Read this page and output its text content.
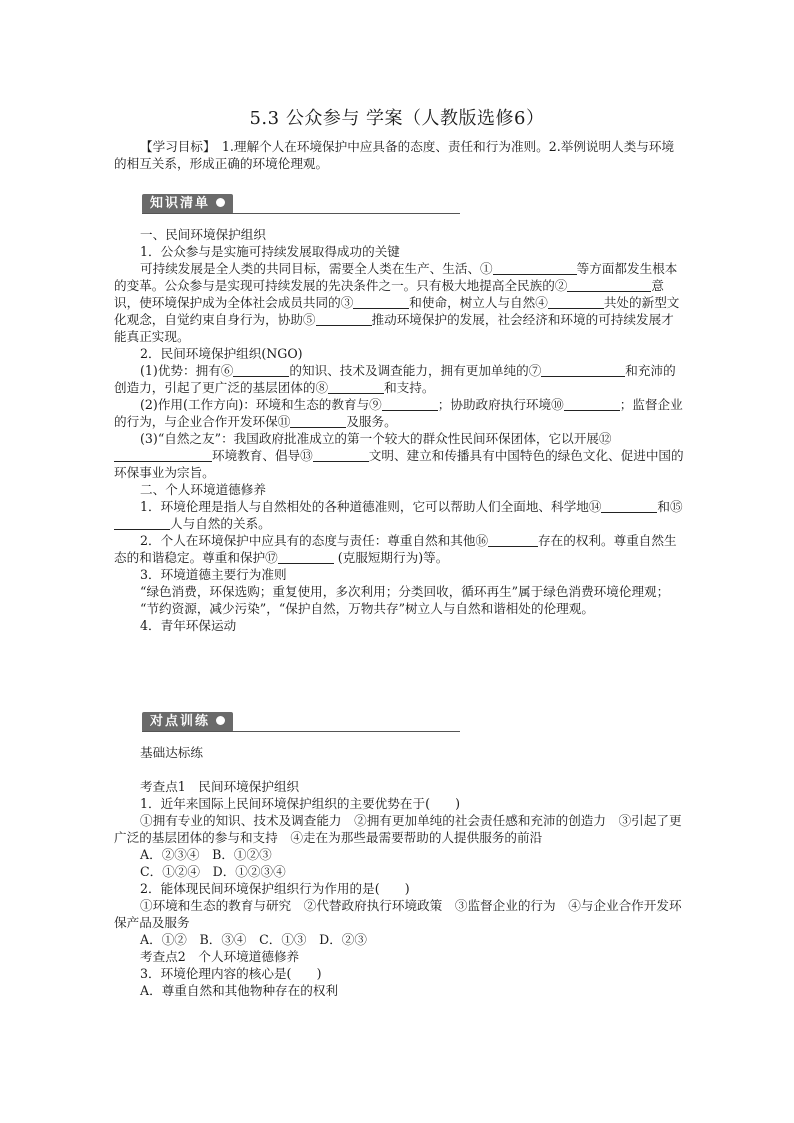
5.3 公众参与 学案（人教版选修6）

【学习目标】　 1.理解个人在环境保护中应具备的态度、责任和行为准则。2.举例说明人类与环境的相互关系，形成正确的环境伦理观。

知识清单

一、民间环境保护组织

1．公众参与是实施可持续发展取得成功的关键

可持续发展是全人类的共同目标，需要全人类在生产、生活、①	等方面都发生根本的变革。公众参与是实现可持续发展的先决条件之一。只有极大地提高全民族的②	意识，使环境保护成为全体社会成员共同的③	和使命，树立人与自然④	共处的新型文化观念，自觉约束自身行为，协助⑤	推动环境保护的发展，社会经济和环境的可持续发展才能真正实现。

2．民间环境保护组织(NGO)

(1)优势：拥有⑥	的知识、技术及调查能力，拥有更加单纯的⑦	和充沛的创造力，引起了更广泛的基层团体的⑧	和支持。

(2)作用(工作方向)：环境和生态的教育与⑨	；协助政府执行环境⑩	；监督企业的行为，与企业合作开发环保⑪	及服务。

(3)“自然之友”：我国政府批准成立的第一个较大的群众性民间环保团体，它以开展⑫环境教育、倡导⑬	文明、建立和传播具有中国特色的绿色文化、促进中国的环保事业为宗旨。

二、个人环境道德修养

1．环境伦理是指人与自然相处的各种道德准则，它可以帮助人们全面地、科学地⑭	和⑮人与自然的关系。

2．个人在环境保护中应具有的态度与责任：尊重自然和其他⑯	存在的权利。尊重自然生态的和谐稳定。尊重和保护⑰	(克服短期行为)等。

3．环境道德主要行为准则

“绿色消费，环保选购；重复使用，多次利用；分类回收，循环再生”属于绿色消费环境伦理观；

“节约资源，减少污染”，“保护自然，万物共存”树立人与自然和谐相处的伦理观。

4．青年环保运动

对点训练

基础达标练

考查点1　民间环境保护组织

1．近年来国际上民间环境保护组织的主要优势在于(　　)

①拥有专业的知识、技术及调查能力　②拥有更加单纯的社会责任感和充沛的创造力　③引起了更广泛的基层团体的参与和支持　④走在为那些最需要帮助的人提供服务的前沿

A．②③④　B．①②③

C．①②④　D．①②③④

2．能体现民间环境保护组织行为作用的是(　　)

①环境和生态的教育与研究　②代替政府执行环境政策　③监督企业的行为　④与企业合作开发环保产品及服务

A．①②　B．③④　C．①③　D．②③

考查点2　个人环境道德修养

3．环境伦理内容的核心是(　　)

A．尊重自然和其他物种存在的权利
